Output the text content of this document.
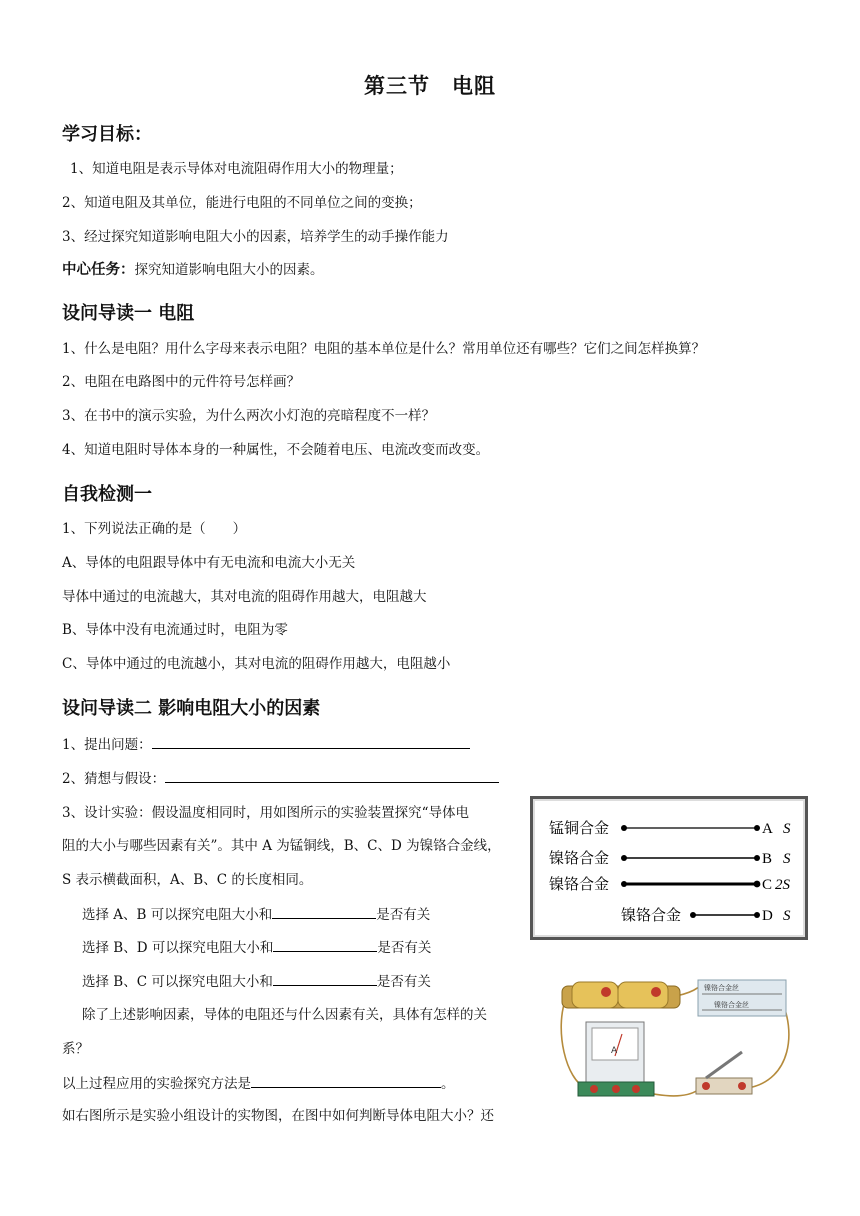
第三节　电阻
学习目标：
1、知道电阻是表示导体对电流阻碍作用大小的物理量；
2、知道电阻及其单位，能进行电阻的不同单位之间的变换；
3、经过探究知道影响电阻大小的因素，培养学生的动手操作能力
中心任务：探究知道影响电阻大小的因素。
设问导读一 电阻
1、什么是电阻？用什么字母来表示电阻？电阻的基本单位是什么？常用单位还有哪些？它们之间怎样换算？
2、电阻在电路图中的元件符号怎样画？
3、在书中的演示实验，为什么两次小灯泡的亮暗程度不一样？
4、知道电阻时导体本身的一种属性，不会随着电压、电流改变而改变。
自我检测一
1、下列说法正确的是（　　）
A、导体的电阻跟导体中有无电流和电流大小无关
导体中通过的电流越大，其对电流的阻碍作用越大，电阻越大
B、导体中没有电流通过时，电阻为零
C、导体中通过的电流越小，其对电流的阻碍作用越大，电阻越小
设问导读二 影响电阻大小的因素
1、提出问题：
2、猜想与假设：
3、设计实验：假设温度相同时，用如图所示的实验装置探究“导体电
阻的大小与哪些因素有关”。其中 A 为锰铜线，B、C、D 为镍铬合金线，
S 表示横截面积，A、B、C 的长度相同。
选择 A、B 可以探究电阻大小和	是否有关
选择 B、D 可以探究电阻大小和	是否有关
选择 B、C 可以探究电阻大小和	是否有关
除了上述影响因素，导体的电阻还与什么因素有关，具体有怎样的关
系？
以上过程应用的实验探究方法是	。
如右图所示是实验小组设计的实物图，在图中如何判断导体电阻大小？还
锰铜合金	A S
镍铬合金	B S
镍铬合金	C 2S
镍铬合金	D S
镍铬合金丝
镍铬合金丝
A
